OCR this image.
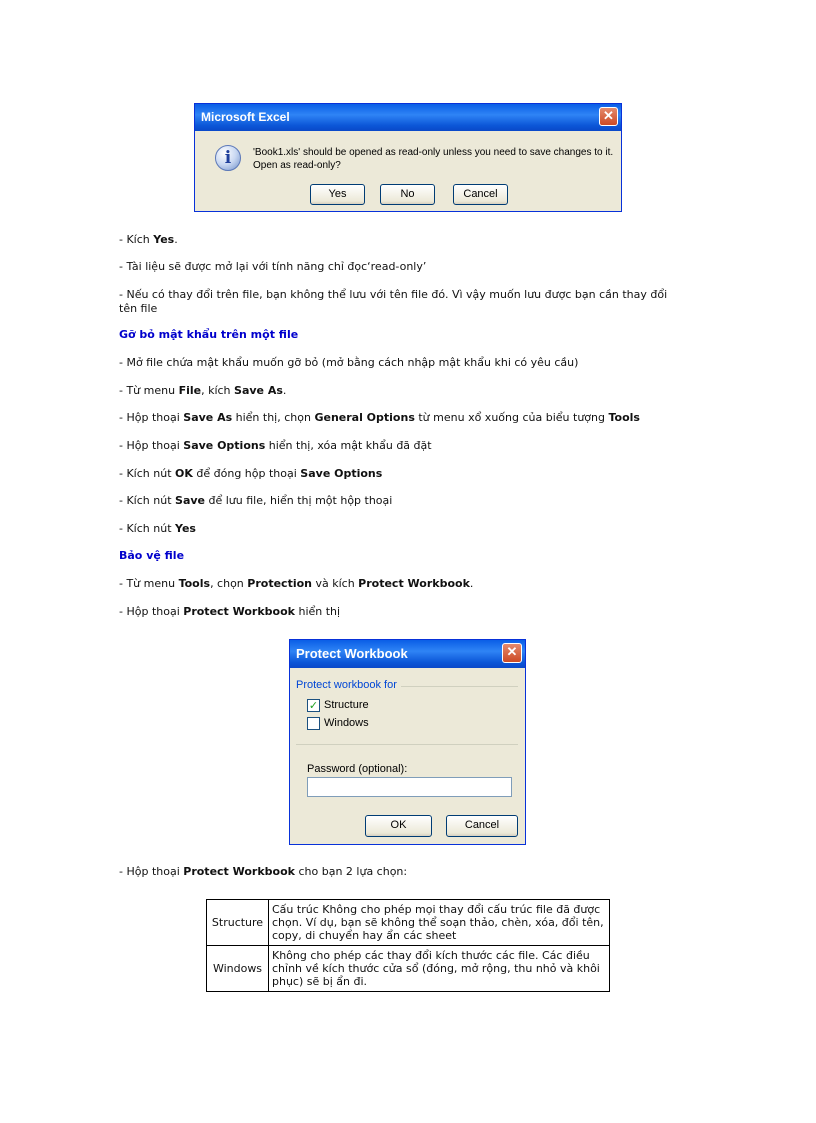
Microsoft Excel	✕
i	'Book1.xls' should be opened as read-only unless you need to save changes to it.
Open as read-only?
Yes	No	Cancel

- Kích Yes.

- Tài liệu sẽ được mở lại với tính năng chỉ đọc‘read-only’

- Nếu có thay đổi trên file, bạn không thể lưu với tên file đó. Vì vậy muốn lưu được bạn cần thay đổi tên file

Gỡ bỏ mật khẩu trên một file

- Mở file chứa mật khẩu muốn gỡ bỏ (mở bằng cách nhập mật khẩu khi có yêu cầu)

- Từ menu File, kích Save As.

- Hộp thoại Save As hiển thị, chọn General Options từ menu xổ xuống của biểu tượng Tools

- Hộp thoại Save Options hiển thị, xóa mật khẩu đã đặt

- Kích nút OK để đóng hộp thoại Save Options

- Kích nút Save để lưu file, hiển thị một hộp thoại

- Kích nút Yes

Bảo vệ file

- Từ menu Tools, chọn Protection và kích Protect Workbook.

- Hộp thoại Protect Workbook hiển thị

Protect Workbook	✕
Protect workbook for
✓ Structure
Windows
Password (optional):
OK	Cancel

- Hộp thoại Protect Workbook cho bạn 2 lựa chọn:

Structure	Cấu trúc Không cho phép mọi thay đổi cấu trúc file đã được chọn. Ví dụ, bạn sẽ không thể soạn thảo, chèn, xóa, đổi tên, copy, di chuyển hay ẩn các sheet
Windows	Không cho phép các thay đổi kích thước các file. Các điều chỉnh về kích thước cửa sổ (đóng, mở rộng, thu nhỏ và khôi phục) sẽ bị ẩn đi.
